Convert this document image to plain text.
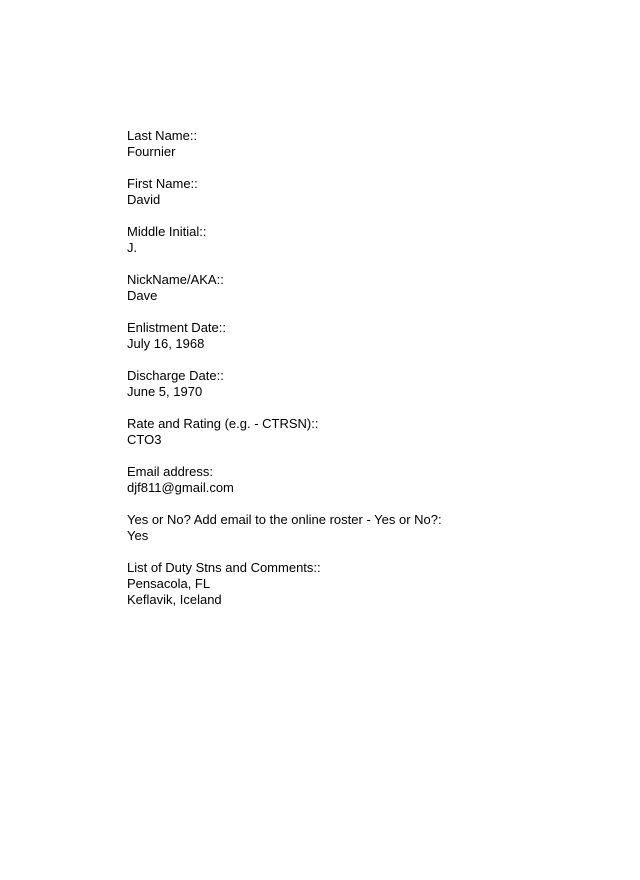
Last Name::
Fournier
First Name::
David
Middle Initial::
J.
NickName/AKA::
Dave
Enlistment Date::
July 16, 1968
Discharge Date::
June 5, 1970
Rate and Rating (e.g. - CTRSN)::
CTO3
Email address:
djf811@gmail.com
Yes or No? Add email to the online roster - Yes or No?:
Yes
List of Duty Stns and Comments::
Pensacola, FL
Keflavik, Iceland
